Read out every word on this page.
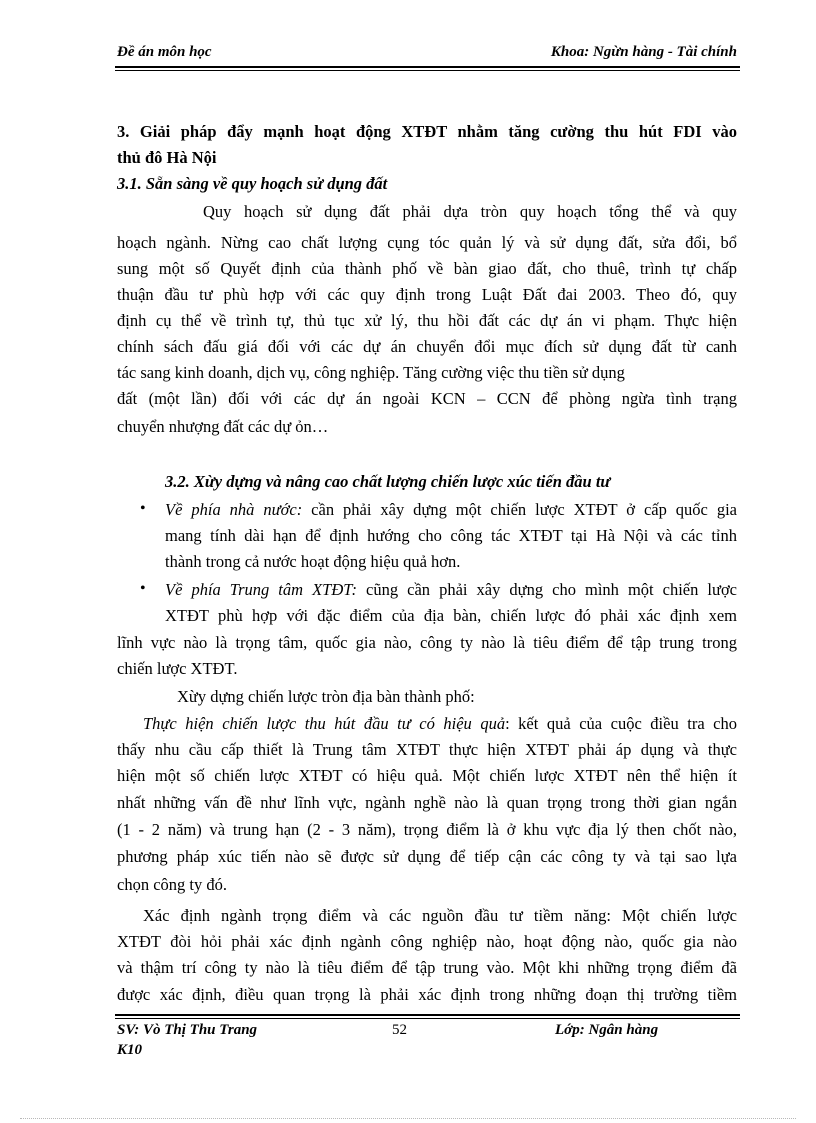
Đề án môn học	Khoa: Ngừn hàng - Tài chính
3. Giải pháp đẩy mạnh hoạt động XTĐT nhằm tăng cường thu hút FDI vào
thủ đô Hà Nội
3.1. Sẵn sàng về quy hoạch sử dụng đất
Quy hoạch sử dụng đất phải dựa tròn quy hoạch tổng thể và quy
hoạch ngành. Nừng cao chất lượng cụng tóc quản lý và sử dụng đất, sửa đổi, bổ
sung một số Quyết định của thành phố về bàn giao đất, cho thuê, trình tự chấp
thuận đầu tư phù hợp với các quy định trong Luật Đất đai 2003. Theo đó, quy
định cụ thể về trình tự, thủ tục xử lý, thu hồi đất các dự án vi phạm. Thực hiện
chính sách đấu giá đối với các dự án chuyển đổi mục đích sử dụng đất từ canh
tác sang kinh doanh, dịch vụ, công nghiệp. Tăng cường việc thu tiền sử dụng
đất (một lần) đối với các dự án ngoài KCN – CCN để phòng ngừa tình trạng
chuyển nhượng đất các dự ỏn…
3.2. Xừy dựng và nâng cao chất lượng chiến lược xúc tiến đầu tư
• Về phía nhà nước: cần phải xây dựng một chiến lược XTĐT ở cấp quốc gia
mang tính dài hạn để định hướng cho công tác XTĐT tại Hà Nội và các tỉnh
thành trong cả nước hoạt động hiệu quả hơn.
• Về phía Trung tâm XTĐT: cũng cần phải xây dựng cho mình một chiến lược
XTĐT phù hợp với đặc điểm của địa bàn, chiến lược đó phải xác định xem
lĩnh vực nào là trọng tâm, quốc gia nào, công ty nào là tiêu điểm để tập trung trong
chiến lược XTĐT.
Xừy dựng chiến lược tròn địa bàn thành phố:
Thực hiện chiến lược thu hút đầu tư có hiệu quả: kết quả của cuộc điều tra cho
thấy nhu cầu cấp thiết là Trung tâm XTĐT thực hiện XTĐT phải áp dụng và thực
hiện một số chiến lược XTĐT có hiệu quả. Một chiến lược XTĐT nên thể hiện ít
nhất những vấn đề như lĩnh vực, ngành nghề nào là quan trọng trong thời gian ngắn
(1 - 2 năm) và trung hạn (2 - 3 năm), trọng điểm là ở khu vực địa lý then chốt nào,
phương pháp xúc tiến nào sẽ được sử dụng để tiếp cận các công ty và tại sao lựa
chọn công ty đó.
Xác định ngành trọng điểm và các nguồn đầu tư tiềm năng: Một chiến lược
XTĐT đòi hỏi phải xác định ngành công nghiệp nào, hoạt động nào, quốc gia nào
và thậm trí công ty nào là tiêu điểm để tập trung vào. Một khi những trọng điểm đã
được xác định, điều quan trọng là phải xác định trong những đoạn thị trường tiềm
SV: Vò Thị Thu Trang
K10
52	Lớp: Ngân hàng
